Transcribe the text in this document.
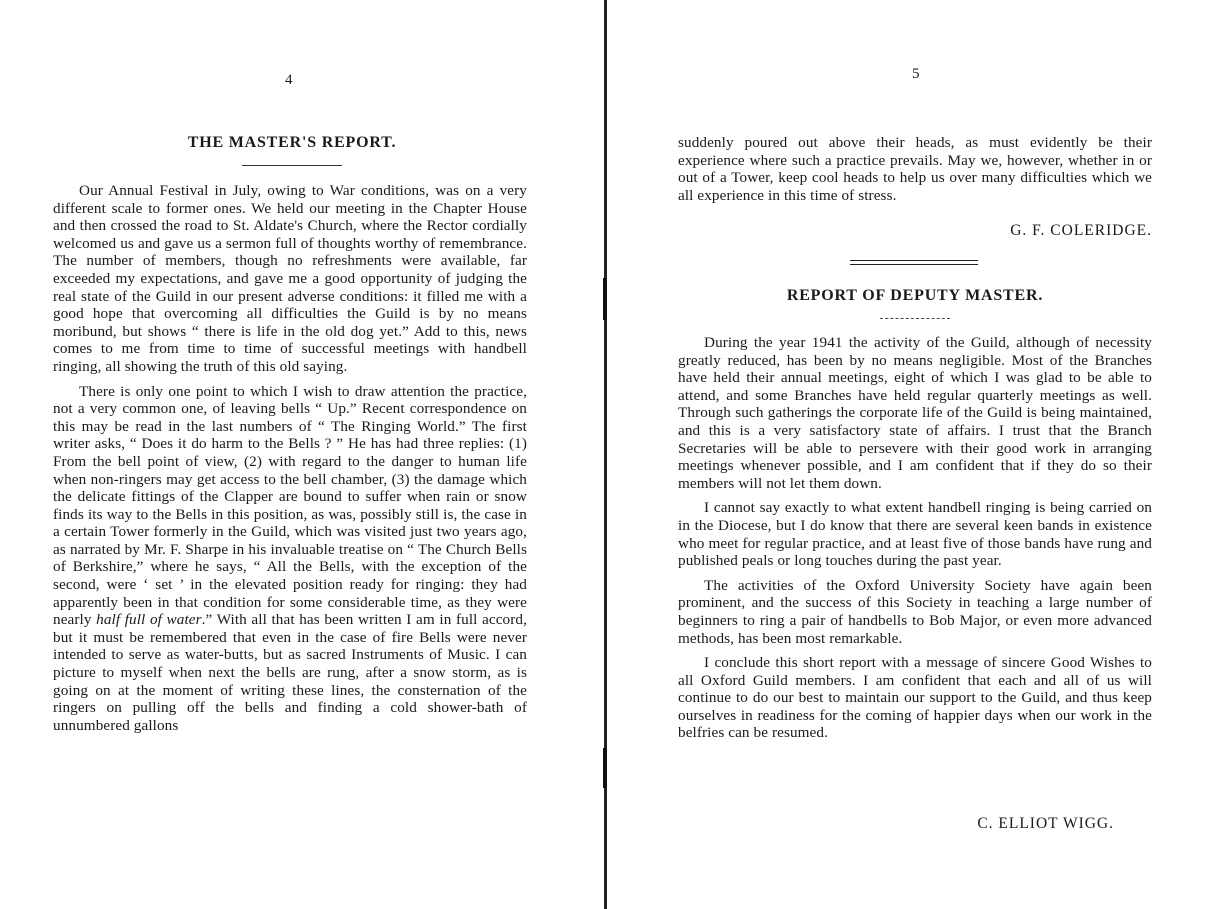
4
THE MASTER'S REPORT.

Our Annual Festival in July, owing to War conditions, was on a very different scale to former ones. We held our meeting in the Chapter House and then crossed the road to St. Aldate's Church, where the Rector cordially welcomed us and gave us a sermon full of thoughts worthy of remembrance. The number of members, though no refreshments were available, far exceeded my expectations, and gave me a good opportunity of judging the real state of the Guild in our present adverse conditions: it filled me with a good hope that overcoming all difficulties the Guild is by no means moribund, but shows “ there is life in the old dog yet.” Add to this, news comes to me from time to time of successful meetings with handbell ringing, all showing the truth of this old saying.

There is only one point to which I wish to draw attention the practice, not a very common one, of leaving bells “ Up.” Recent correspondence on this may be read in the last numbers of “ The Ringing World.” The first writer asks, “ Does it do harm to the Bells ? ” He has had three replies: (1) From the bell point of view, (2) with regard to the danger to human life when non-ringers may get access to the bell chamber, (3) the damage which the delicate fittings of the Clapper are bound to suffer when rain or snow finds its way to the Bells in this position, as was, possibly still is, the case in a certain Tower formerly in the Guild, which was visited just two years ago, as narrated by Mr. F. Sharpe in his invaluable treatise on “ The Church Bells of Berkshire,” where he says, “ All the Bells, with the exception of the second, were ‘ set ’ in the elevated position ready for ringing: they had apparently been in that condition for some considerable time, as they were nearly half full of water.” With all that has been written I am in full accord, but it must be remembered that even in the case of fire Bells were never intended to serve as water-butts, but as sacred Instruments of Music. I can picture to myself when next the bells are rung, after a snow storm, as is going on at the moment of writing these lines, the consternation of the ringers on pulling off the bells and finding a cold shower-bath of unnumbered gallons

5

suddenly poured out above their heads, as must evidently be their experience where such a practice prevails. May we, however, whether in or out of a Tower, keep cool heads to help us over many difficulties which we all experience in this time of stress.

G. F. COLERIDGE.
REPORT OF DEPUTY MASTER.

During the year 1941 the activity of the Guild, although of necessity greatly reduced, has been by no means negligible. Most of the Branches have held their annual meetings, eight of which I was glad to be able to attend, and some Branches have held regular quarterly meetings as well. Through such gatherings the corporate life of the Guild is being maintained, and this is a very satisfactory state of affairs. I trust that the Branch Secretaries will be able to persevere with their good work in arranging meetings whenever possible, and I am confident that if they do so their members will not let them down.

I cannot say exactly to what extent handbell ringing is being carried on in the Diocese, but I do know that there are several keen bands in existence who meet for regular practice, and at least five of those bands have rung and published peals or long touches during the past year.

The activities of the Oxford University Society have again been prominent, and the success of this Society in teaching a large number of beginners to ring a pair of handbells to Bob Major, or even more advanced methods, has been most remarkable.

I conclude this short report with a message of sincere Good Wishes to all Oxford Guild members. I am confident that each and all of us will continue to do our best to maintain our support to the Guild, and thus keep ourselves in readiness for the coming of happier days when our work in the belfries can be resumed.

C. ELLIOT WIGG.
